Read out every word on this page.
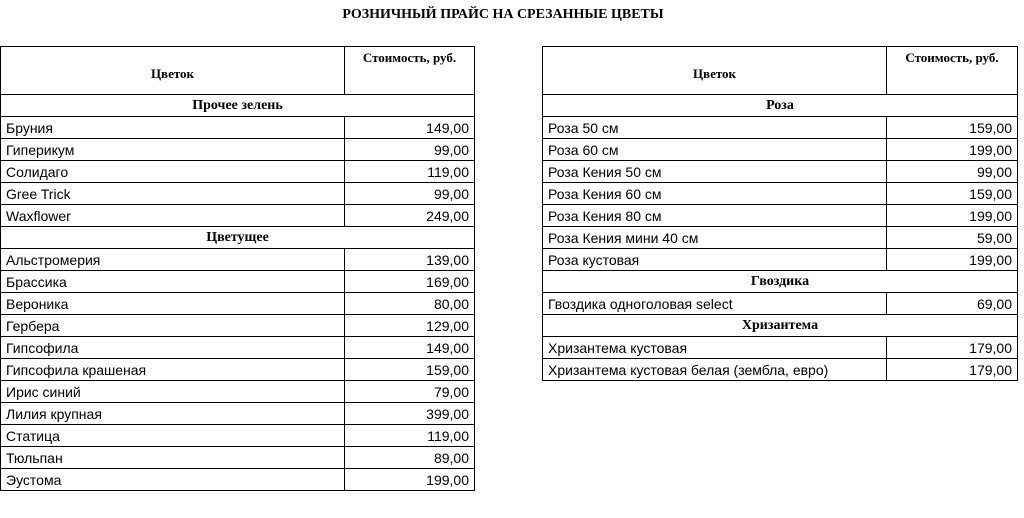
РОЗНИЧНЫЙ ПРАЙС НА СРЕЗАННЫЕ ЦВЕТЫ
Цветок	Стоимость, руб.
Прочее зелень	
Бруния	149,00
Гиперикум	99,00
Солидаго	119,00
Gree Trick	99,00
Waxflower	249,00
Цветущее	
Альстромерия	139,00
Брассика	169,00
Вероника	80,00
Гербера	129,00
Гипсофила	149,00
Гипсофила крашеная	159,00
Ирис синий	79,00
Лилия крупная	399,00
Статица	119,00
Тюльпан	89,00
Эустома	199,00
Цветок	Стоимость, руб.
Роза	
Роза 50 см	159,00
Роза 60 см	199,00
Роза Кения 50 см	99,00
Роза Кения 60 см	159,00
Роза Кения 80 см	199,00
Роза Кения мини 40 см	59,00
Роза кустовая	199,00
Гвоздика	
Гвоздика одноголовая select	69,00
Хризантема	
Хризантема кустовая	179,00
Хризантема кустовая белая (зембла, евро)	179,00
